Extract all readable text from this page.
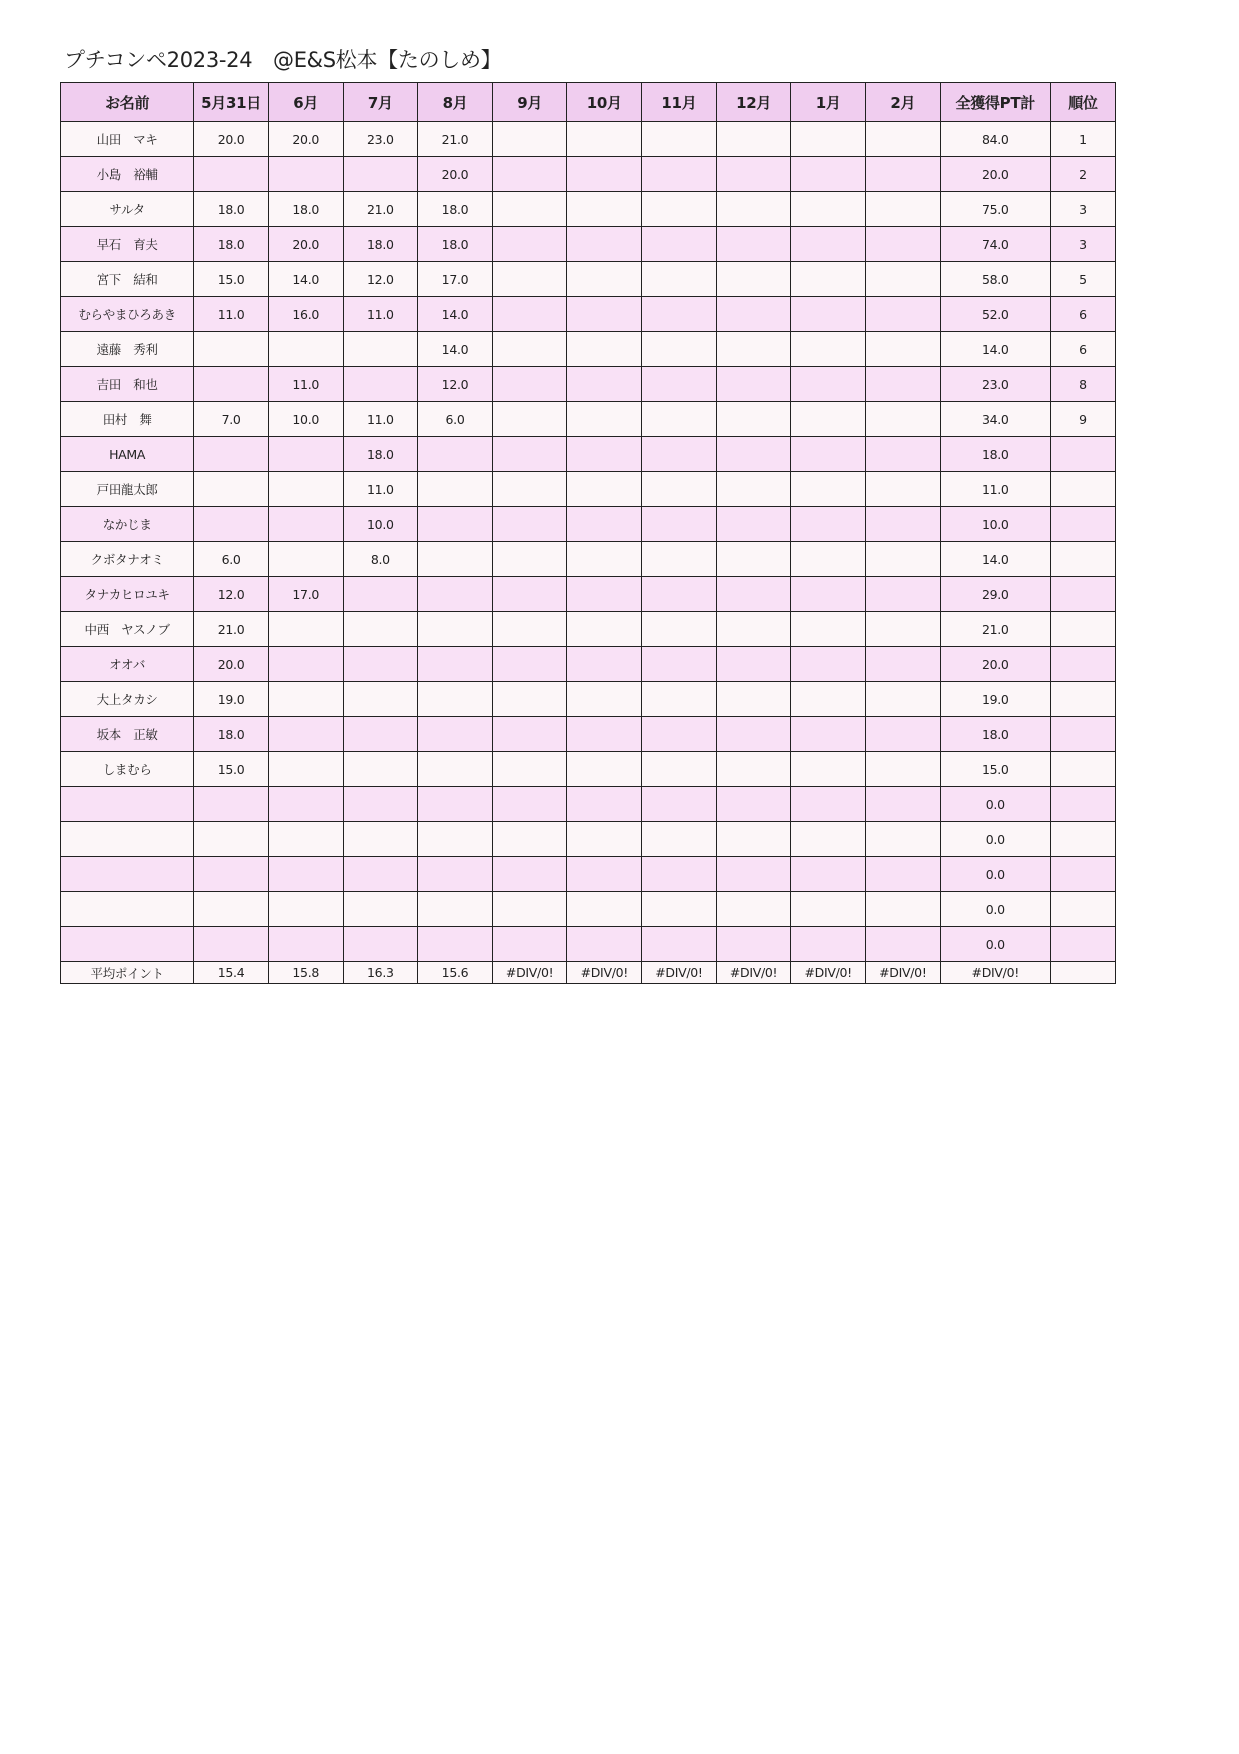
プチコンペ2023-24　@E&S松本【たのしめ】
お名前	5月31日	6月	7月	8月	9月	10月	11月	12月	1月	2月	全獲得PT計	順位
山田　マキ	20.0	20.0	23.0	21.0							84.0	1
小島　裕輔				20.0							20.0	2
サルタ	18.0	18.0	21.0	18.0							75.0	3
早石　育夫	18.0	20.0	18.0	18.0							74.0	3
宮下　結和	15.0	14.0	12.0	17.0							58.0	5
むらやまひろあき	11.0	16.0	11.0	14.0							52.0	6
遠藤　秀利				14.0							14.0	6
吉田　和也		11.0		12.0							23.0	8
田村　舞	7.0	10.0	11.0	6.0							34.0	9
HAMA			18.0								18.0	
戸田龍太郎			11.0								11.0	
なかじま			10.0								10.0	
クボタナオミ	6.0		8.0								14.0	
タナカヒロユキ	12.0	17.0									29.0	
中西　ヤスノブ	21.0										21.0	
オオバ	20.0										20.0	
大上タカシ	19.0										19.0	
坂本　正敏	18.0										18.0	
しまむら	15.0										15.0	
											0.0	
											0.0	
											0.0	
											0.0	
											0.0	
平均ポイント	15.4	15.8	16.3	15.6	#DIV/0!	#DIV/0!	#DIV/0!	#DIV/0!	#DIV/0!	#DIV/0!	#DIV/0!	
